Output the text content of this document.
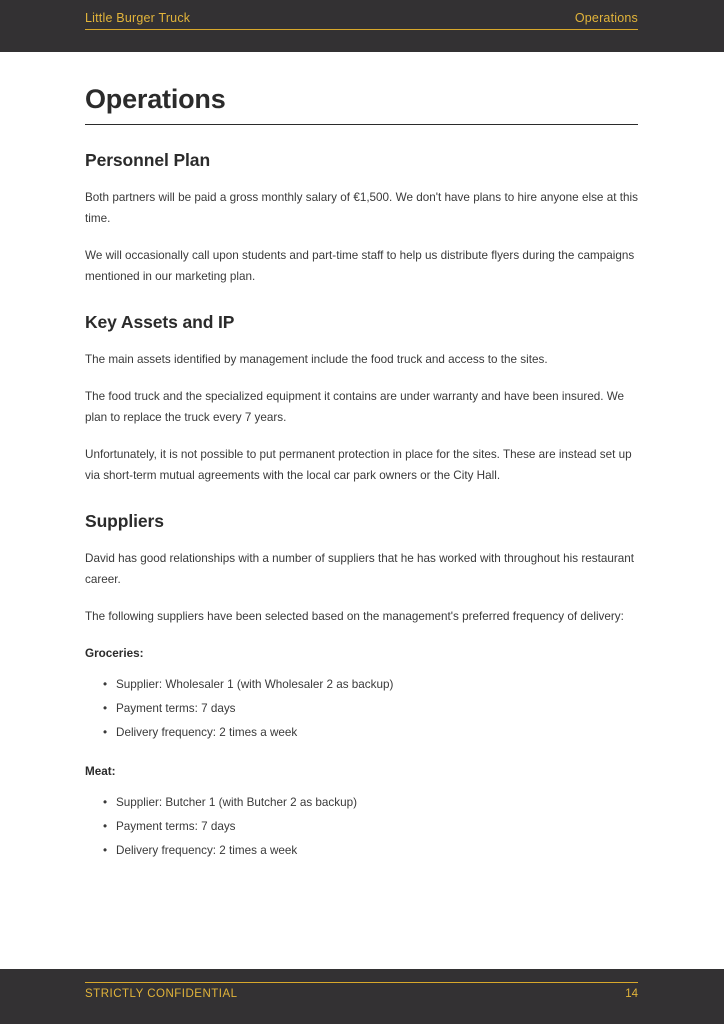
Little Burger Truck	Operations
Operations
Personnel Plan

Both partners will be paid a gross monthly salary of €1,500. We don't have plans to hire anyone else at this time.

We will occasionally call upon students and part-time staff to help us distribute flyers during the campaigns mentioned in our marketing plan.

Key Assets and IP

The main assets identified by management include the food truck and access to the sites.

The food truck and the specialized equipment it contains are under warranty and have been insured. We plan to replace the truck every 7 years.

Unfortunately, it is not possible to put permanent protection in place for the sites. These are instead set up via short-term mutual agreements with the local car park owners or the City Hall.

Suppliers

David has good relationships with a number of suppliers that he has worked with throughout his restaurant career.

The following suppliers have been selected based on the management's preferred frequency of delivery:

Groceries:

• Supplier: Wholesaler 1 (with Wholesaler 2 as backup)
• Payment terms: 7 days
• Delivery frequency: 2 times a week

Meat:

• Supplier: Butcher 1 (with Butcher 2 as backup)
• Payment terms: 7 days
• Delivery frequency: 2 times a week
STRICTLY CONFIDENTIAL	14
